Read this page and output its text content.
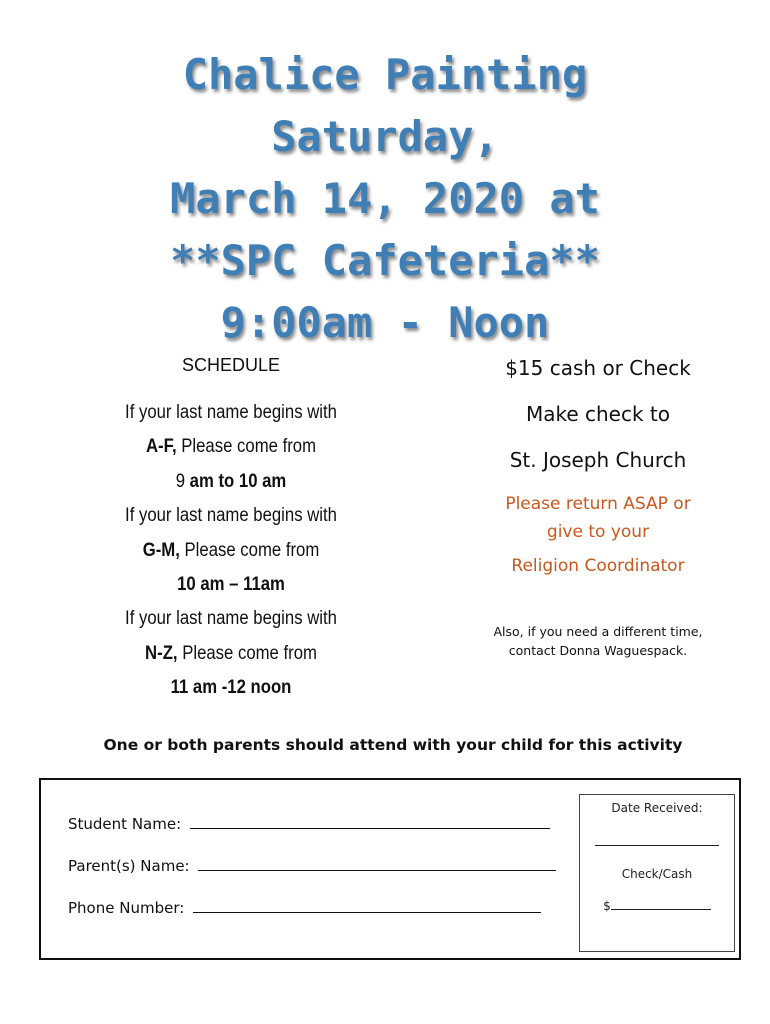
Chalice Painting
Saturday,
March 14, 2020 at
**SPC Cafeteria**
9:00am - Noon
SCHEDULE
If your last name begins with
A-F, Please come from
9 am to 10 am
If your last name begins with
G-M, Please come from
10 am – 11am
If your last name begins with
N-Z, Please come from
11 am -12 noon
$15 cash or Check
Make check to
St. Joseph Church
Please return ASAP or
give to your
Religion Coordinator
Also, if you need a different time,
contact Donna Waguespack.
One or both parents should attend with your child for this activity
Student Name:
Parent(s) Name:
Phone Number:
Date Received:
Check/Cash
$
